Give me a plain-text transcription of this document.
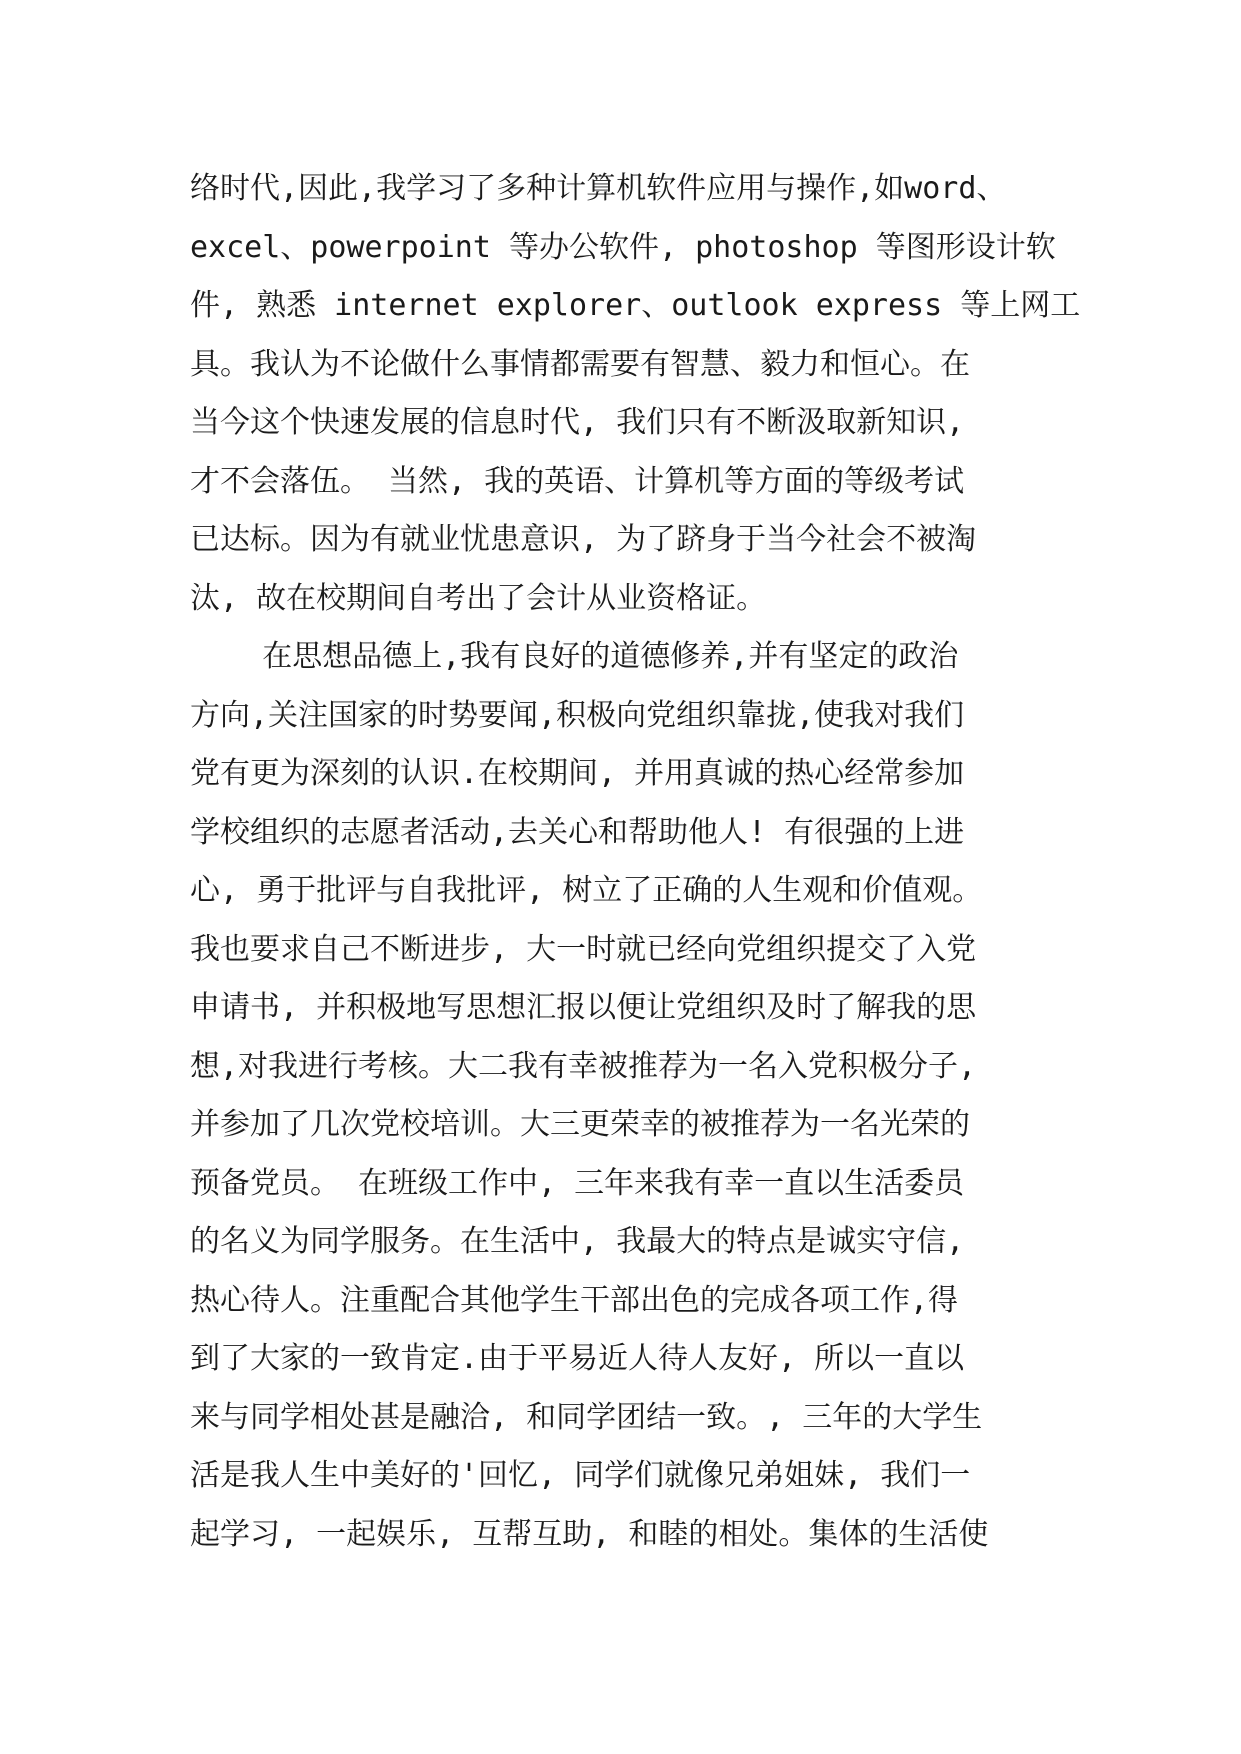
络时代,因此,我学习了多种计算机软件应用与操作,如word、
excel、powerpoint 等办公软件, photoshop 等图形设计软
件, 熟悉 internet explorer、outlook express 等上网工
具。我认为不论做什么事情都需要有智慧、毅力和恒心。在
当今这个快速发展的信息时代, 我们只有不断汲取新知识,
才不会落伍。 当然, 我的英语、计算机等方面的等级考试
已达标。因为有就业忧患意识, 为了跻身于当今社会不被淘
汰, 故在校期间自考出了会计从业资格证。
在思想品德上,我有良好的道德修养,并有坚定的政治
方向,关注国家的时势要闻,积极向党组织靠拢,使我对我们
党有更为深刻的认识.在校期间, 并用真诚的热心经常参加
学校组织的志愿者活动,去关心和帮助他人! 有很强的上进
心, 勇于批评与自我批评, 树立了正确的人生观和价值观。
我也要求自己不断进步, 大一时就已经向党组织提交了入党
申请书, 并积极地写思想汇报以便让党组织及时了解我的思
想,对我进行考核。大二我有幸被推荐为一名入党积极分子,
并参加了几次党校培训。大三更荣幸的被推荐为一名光荣的
预备党员。 在班级工作中, 三年来我有幸一直以生活委员
的名义为同学服务。在生活中, 我最大的特点是诚实守信,
热心待人。注重配合其他学生干部出色的完成各项工作,得
到了大家的一致肯定.由于平易近人待人友好, 所以一直以
来与同学相处甚是融洽, 和同学团结一致。, 三年的大学生
活是我人生中美好的'回忆, 同学们就像兄弟姐妹, 我们一
起学习, 一起娱乐, 互帮互助, 和睦的相处。集体的生活使
